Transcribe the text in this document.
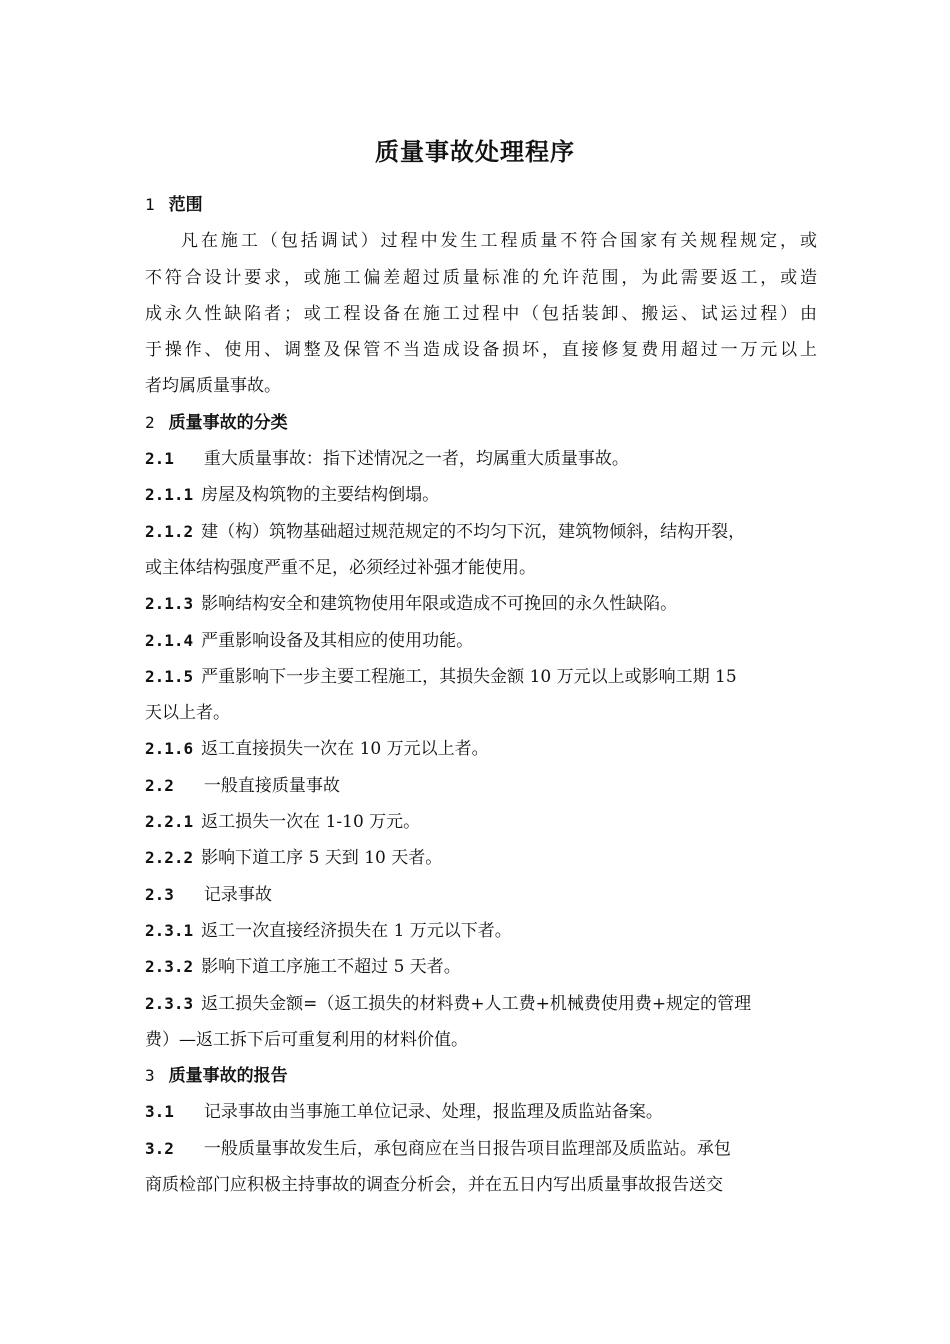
质量事故处理程序
1 范围
凡在施工（包括调试）过程中发生工程质量不符合国家有关规程规定，或
不符合设计要求，或施工偏差超过质量标准的允许范围，为此需要返工，或造
成永久性缺陷者；或工程设备在施工过程中（包括装卸、搬运、试运过程）由
于操作、使用、调整及保管不当造成设备损坏，直接修复费用超过一万元以上
者均属质量事故。
2 质量事故的分类
2.1 重大质量事故：指下述情况之一者，均属重大质量事故。
2.1.1 房屋及构筑物的主要结构倒塌。
2.1.2 建（构）筑物基础超过规范规定的不均匀下沉，建筑物倾斜，结构开裂，
或主体结构强度严重不足，必须经过补强才能使用。
2.1.3 影响结构安全和建筑物使用年限或造成不可挽回的永久性缺陷。
2.1.4 严重影响设备及其相应的使用功能。
2.1.5 严重影响下一步主要工程施工，其损失金额 10 万元以上或影响工期 15
天以上者。
2.1.6 返工直接损失一次在 10 万元以上者。
2.2 一般直接质量事故
2.2.1 返工损失一次在 1-10 万元。
2.2.2 影响下道工序 5 天到 10 天者。
2.3 记录事故
2.3.1 返工一次直接经济损失在 1 万元以下者。
2.3.2 影响下道工序施工不超过 5 天者。
2.3.3 返工损失金额=（返工损失的材料费+人工费+机械费使用费+规定的管理
费）—返工拆下后可重复利用的材料价值。
3 质量事故的报告
3.1 记录事故由当事施工单位记录、处理，报监理及质监站备案。
3.2 一般质量事故发生后，承包商应在当日报告项目监理部及质监站。承包
商质检部门应积极主持事故的调查分析会，并在五日内写出质量事故报告送交
